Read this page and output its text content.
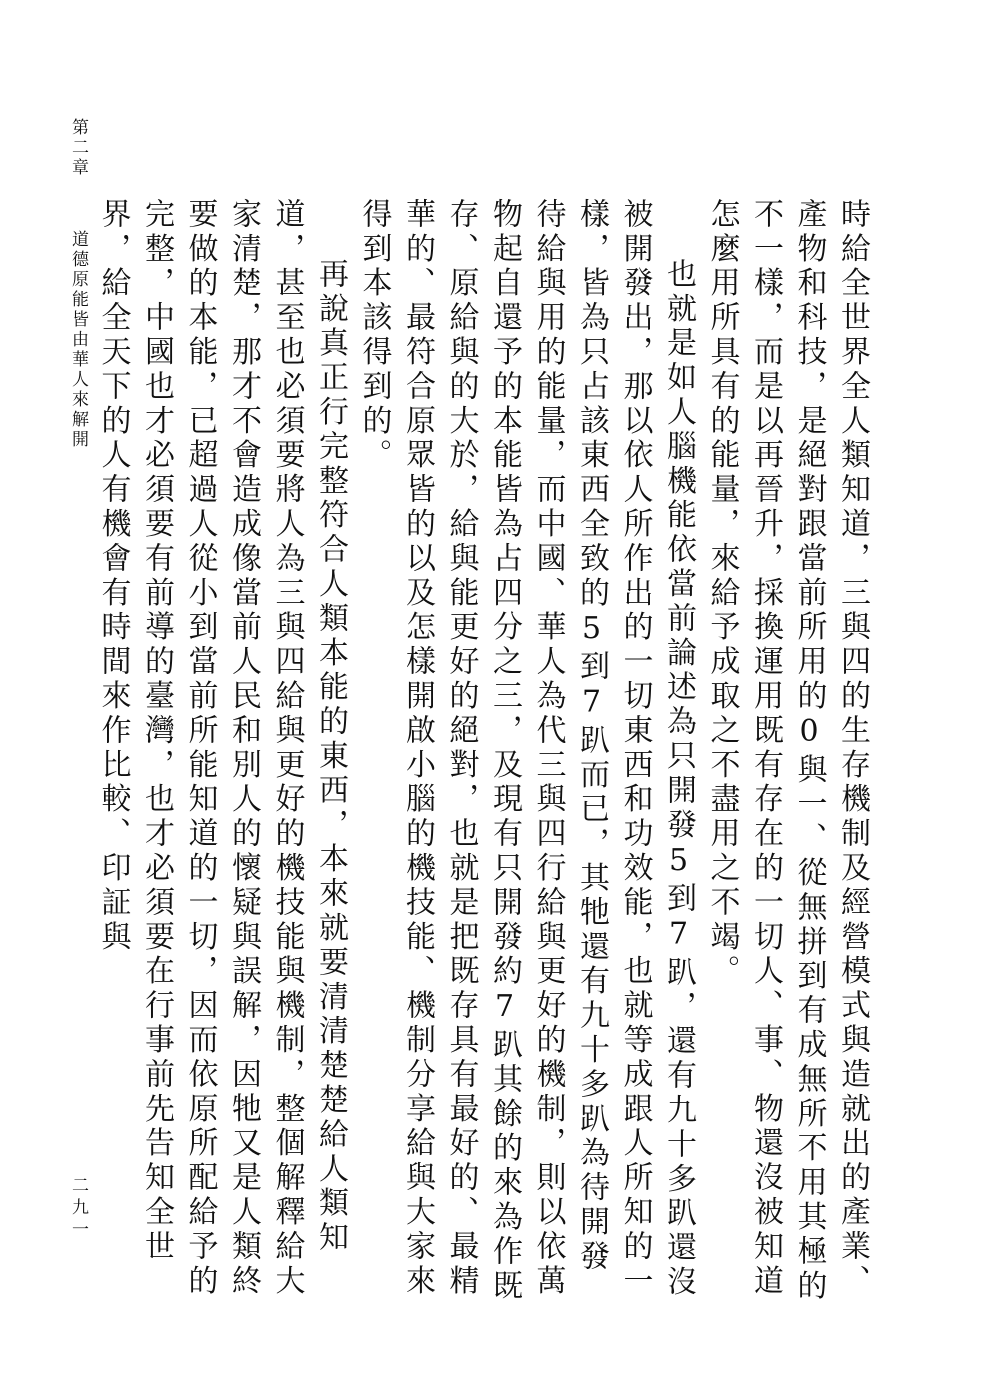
第二章道德原能皆由華人來解開	時給全世界全人類知道，三與四的生存機制及經營模式與造就出的產業、產物和科技，是絕對跟當前所用的0與一、從無拼到有成無所不用其極的不一樣，而是以再晉升，採換運用既有存在的一切人、事、物還沒被知道怎麼用所具有的能量，來給予成取之不盡用之不竭。

也就是如人腦機能依當前論述為只開發5到7趴，還有九十多趴還沒被開發出，那以依人所作出的一切東西和功效能，也就等成跟人所知的一樣，皆為只占該東西全致的5到7趴而已，其牠還有九十多趴為待開發待給與用的能量，而中國、華人為代三與四行給與更好的機制，則以依萬物起自還予的本能皆為占四分之三，及現有只開發約7趴其餘的來為作既存、原給與的大於，給與能更好的絕對，也就是把既存具有最好的、最精華的、最符合原眾皆的以及怎樣開啟小腦的機技能、機制分享給與大家來得到本該得到的。

再說真正行完整符合人類本能的東西，本來就要清清楚楚給人類知道，甚至也必須要將人為三與四給與更好的機技能與機制，整個解釋給大家清楚，那才不會造成像當前人民和別人的懷疑與誤解，因牠又是人類終要做的本能，已超過人從小到當前所能知道的一切，因而依原所配給予的完整，中國也才必須要有前導的臺灣，也才必須要在行事前先告知全世界，給全天下的人有機會有時間來作比較、印証與

二九一
